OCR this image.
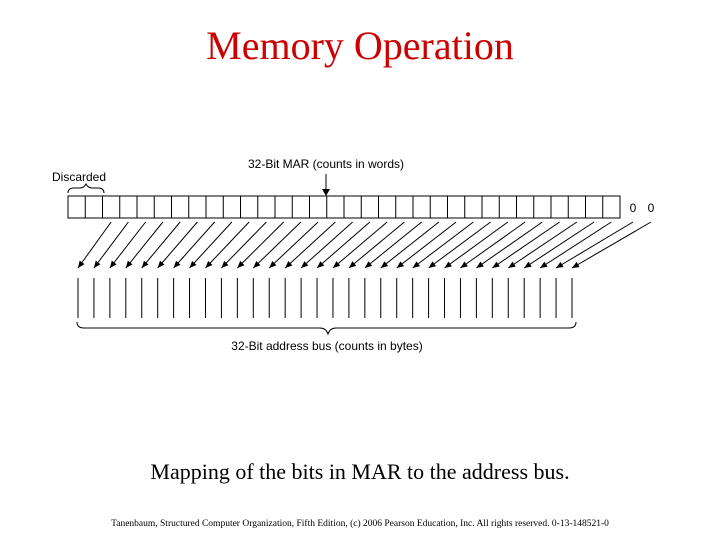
Memory Operation
32-Bit MAR (counts in words)
Discarded
32-Bit address bus (counts in bytes)
0 0
Mapping of the bits in MAR to the address bus.
Tanenbaum, Structured Computer Organization, Fifth Edition, (c) 2006 Pearson Education, Inc. All rights reserved. 0-13-148521-0
